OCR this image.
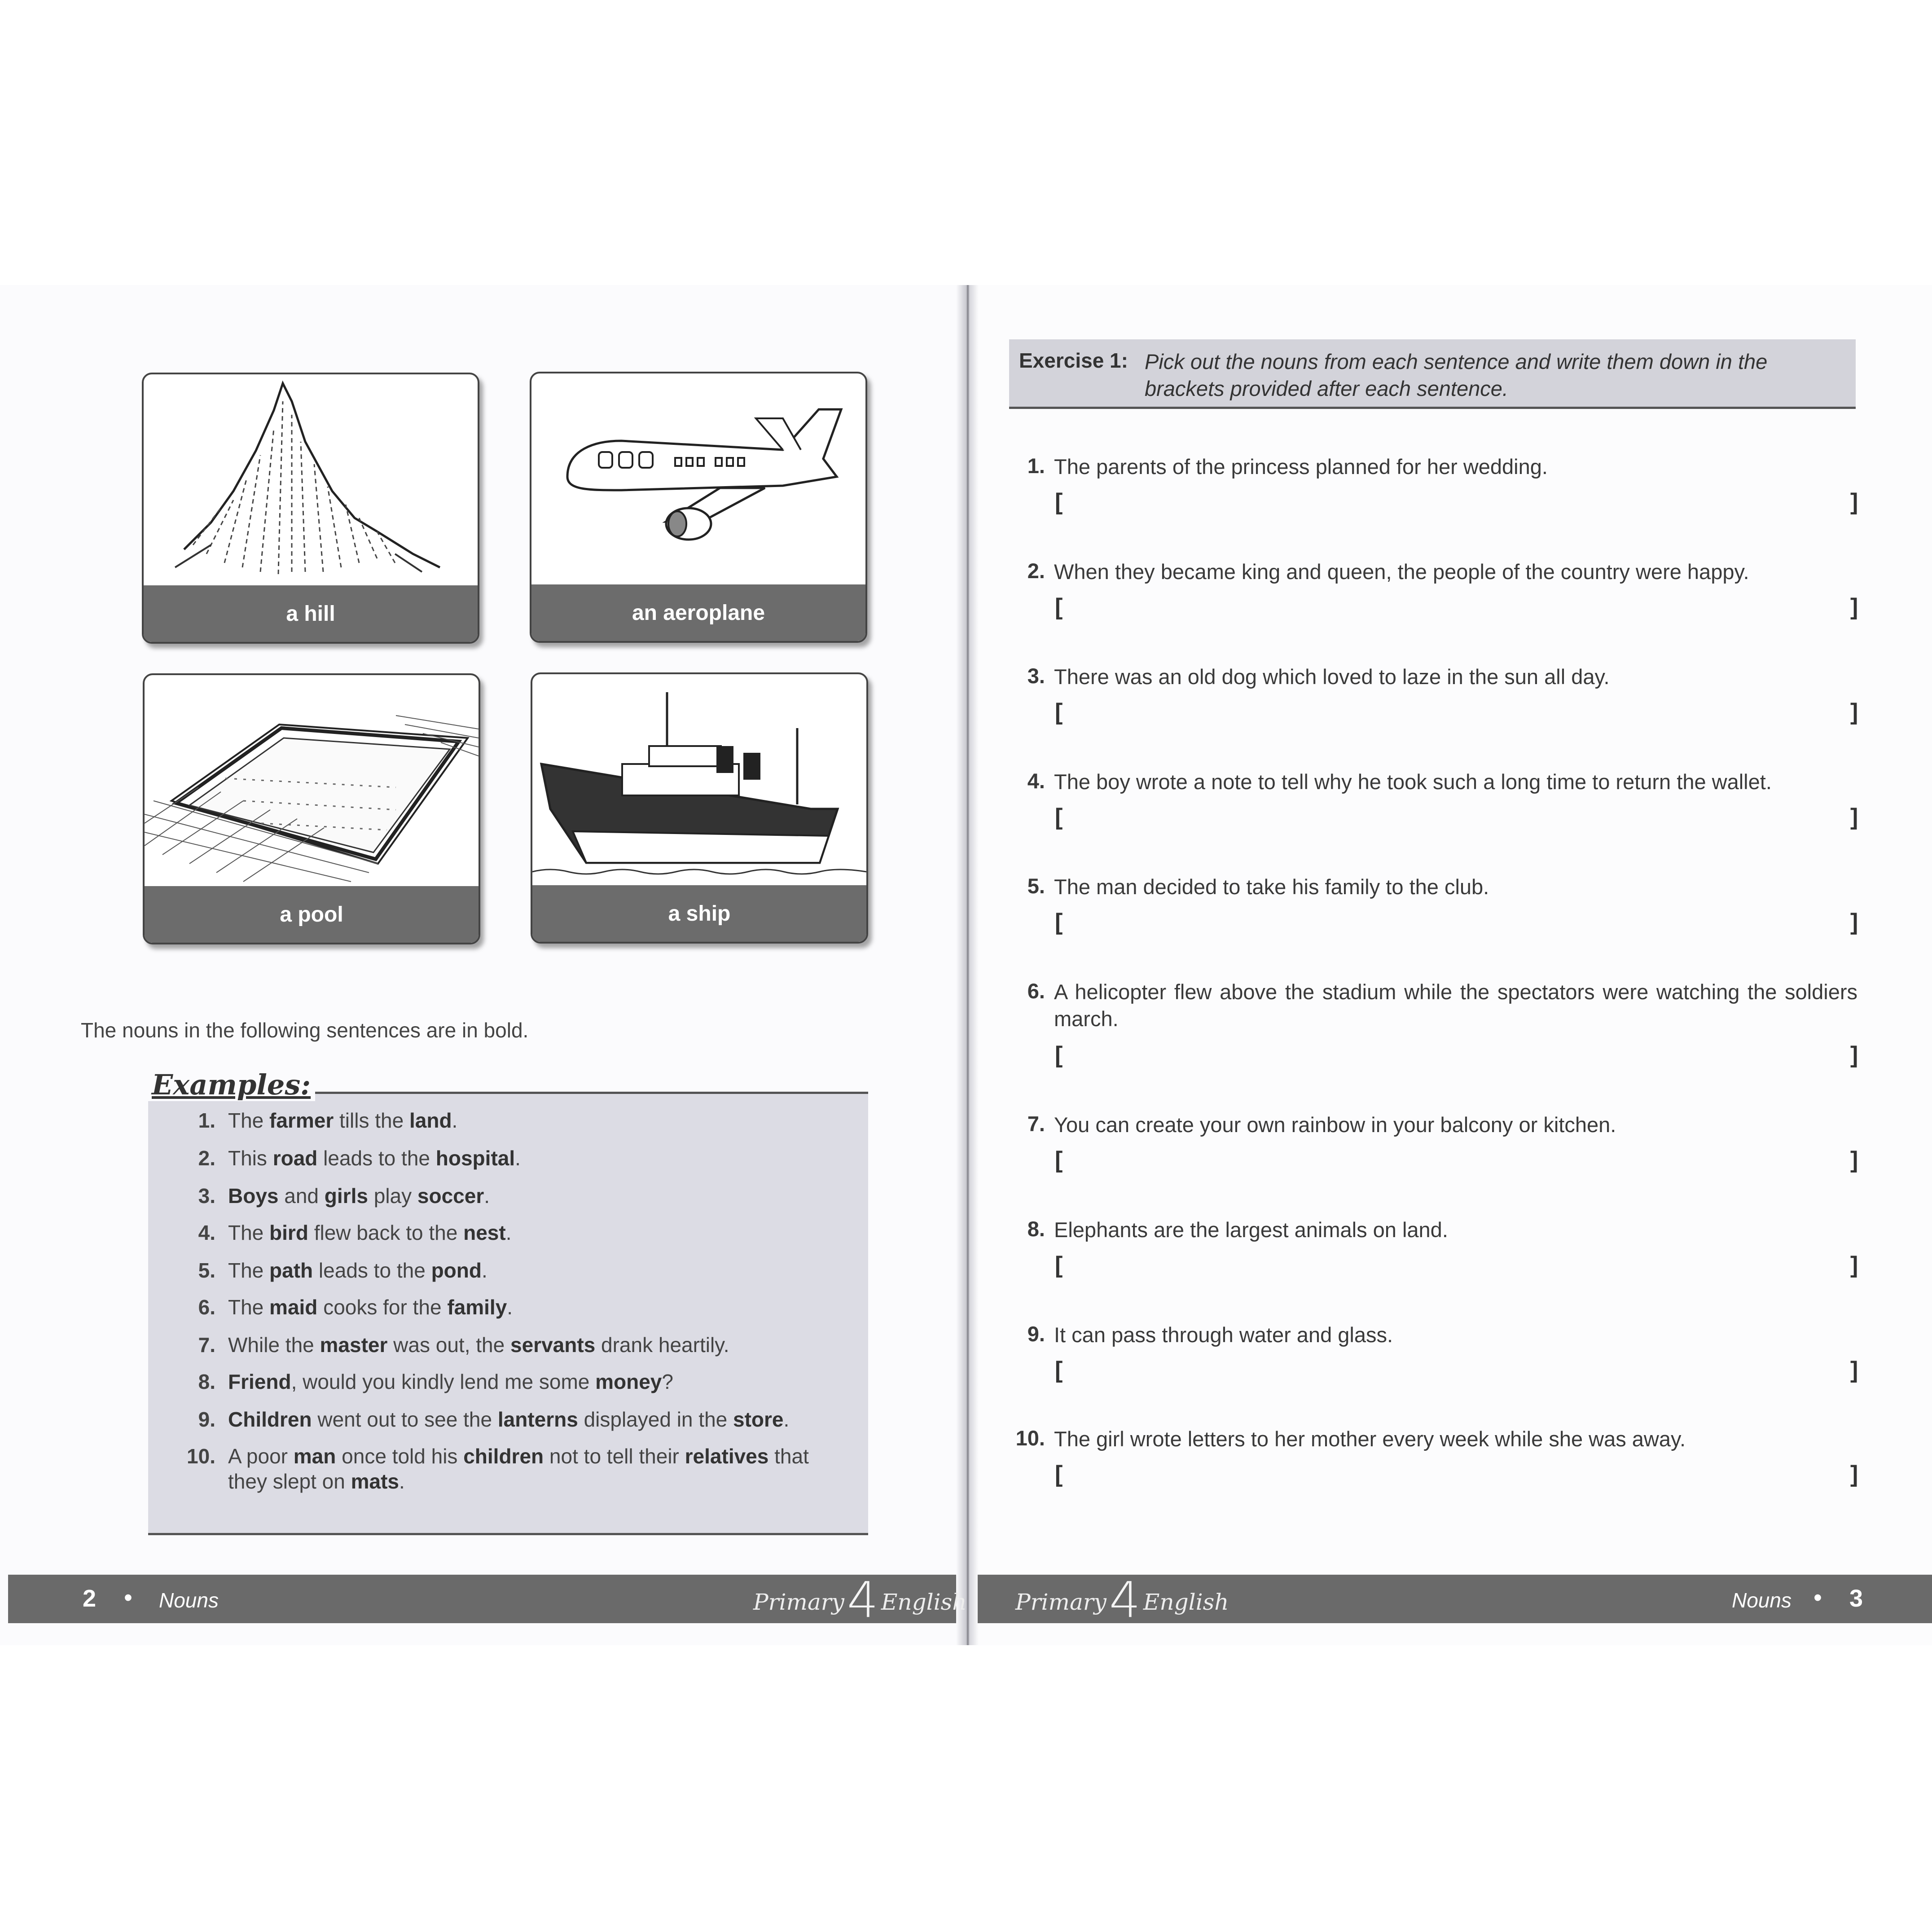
a hill	an aeroplane
a pool	a ship
The nouns in the following sentences are in bold.
Examples:
1. The farmer tills the land.
2. This road leads to the hospital.
3. Boys and girls play soccer.
4. The bird flew back to the nest.
5. The path leads to the pond.
6. The maid cooks for the family.
7. While the master was out, the servants drank heartily.
8. Friend, would you kindly lend me some money?
9. Children went out to see the lanterns displayed in the store.
10. A poor man once told his children not to tell their relatives that they slept on mats.
2 • Nouns	Primary 4 English Primary 4 English	Nouns • 3
Exercise 1: Pick out the nouns from each sentence and write them down in the brackets provided after each sentence.
1. The parents of the princess planned for her wedding.
[	]
2. When they became king and queen, the people of the country were happy.
[	]
3. There was an old dog which loved to laze in the sun all day.
[	]
4. The boy wrote a note to tell why he took such a long time to return the wallet.
[	]
5. The man decided to take his family to the club.
[	]
6. A helicopter flew above the stadium while the spectators were watching the soldiers march.
[	]
7. You can create your own rainbow in your balcony or kitchen.
[	]
8. Elephants are the largest animals on land.
[	]
9. It can pass through water and glass.
[	]
10. The girl wrote letters to her mother every week while she was away.
[	]
